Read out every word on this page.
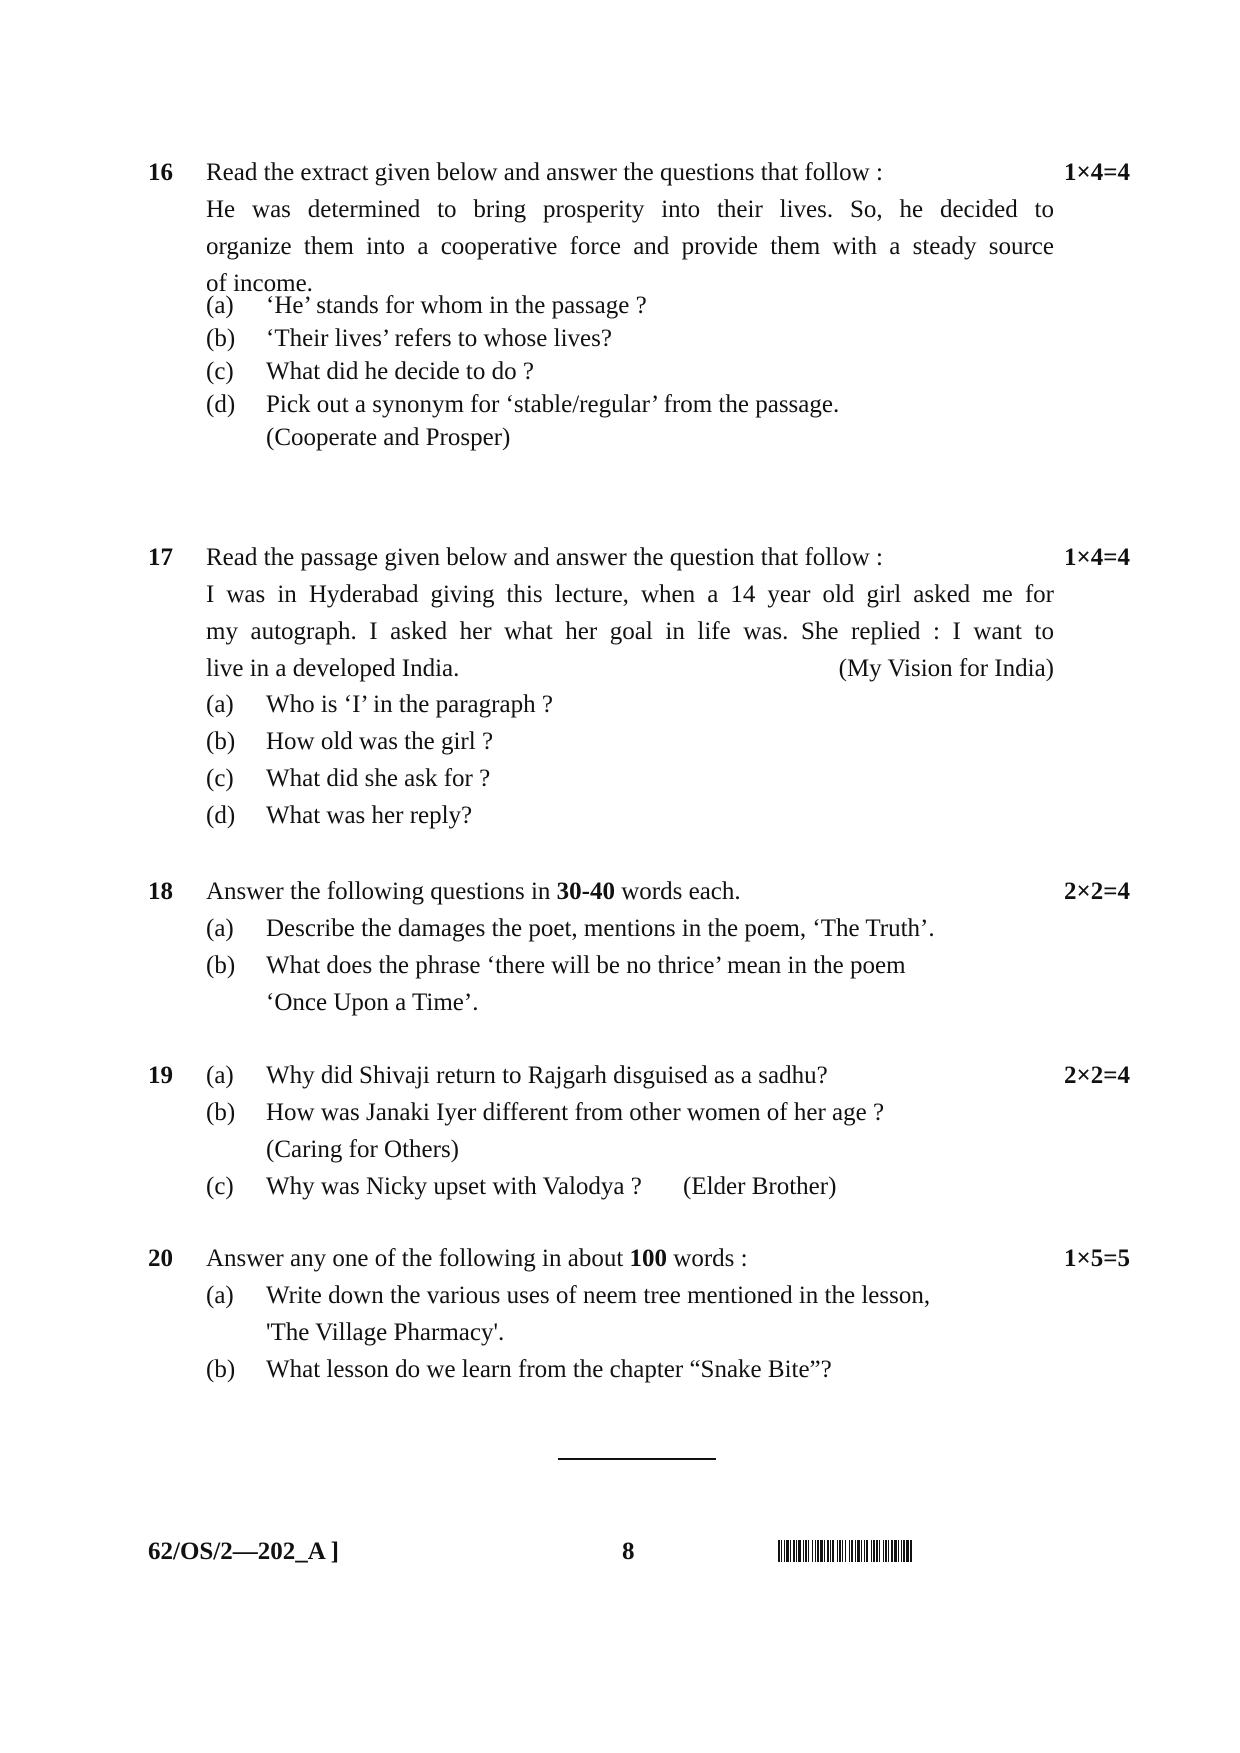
16 Read the extract given below and answer the questions that follow :	1×4=4
He was determined to bring prosperity into their lives. So, he decided to
organize them into a cooperative force and provide them with a steady source
of income.
(a) ‘He’ stands for whom in the passage ?
(b) ‘Their lives’ refers to whose lives?
(c) What did he decide to do ?
(d) Pick out a synonym for ‘stable/regular’ from the passage.
(Cooperate and Prosper)
17 Read the passage given below and answer the question that follow :	1×4=4
I was in Hyderabad giving this lecture, when a 14 year old girl asked me for
my autograph. I asked her what her goal in life was. She replied : I want to
live in a developed India.	(My Vision for India)
(a) Who is ‘I’ in the paragraph ?
(b) How old was the girl ?
(c) What did she ask for ?
(d) What was her reply?
18 Answer the following questions in 30-40 words each.	2×2=4
(a) Describe the damages the poet, mentions in the poem, ‘The Truth’.
(b) What does the phrase ‘there will be no thrice’ mean in the poem
‘Once Upon a Time’.
19	2×2=4
(a) Why did Shivaji return to Rajgarh disguised as a sadhu?
(b) How was Janaki Iyer different from other women of her age ?
(Caring for Others)
(c) Why was Nicky upset with Valodya ? (Elder Brother)
20 Answer any one of the following in about 100 words :	1×5=5
(a) Write down the various uses of neem tree mentioned in the lesson,
'The Village Pharmacy'.
(b) What lesson do we learn from the chapter “Snake Bite”?
62/OS/2—202_A ]	8
